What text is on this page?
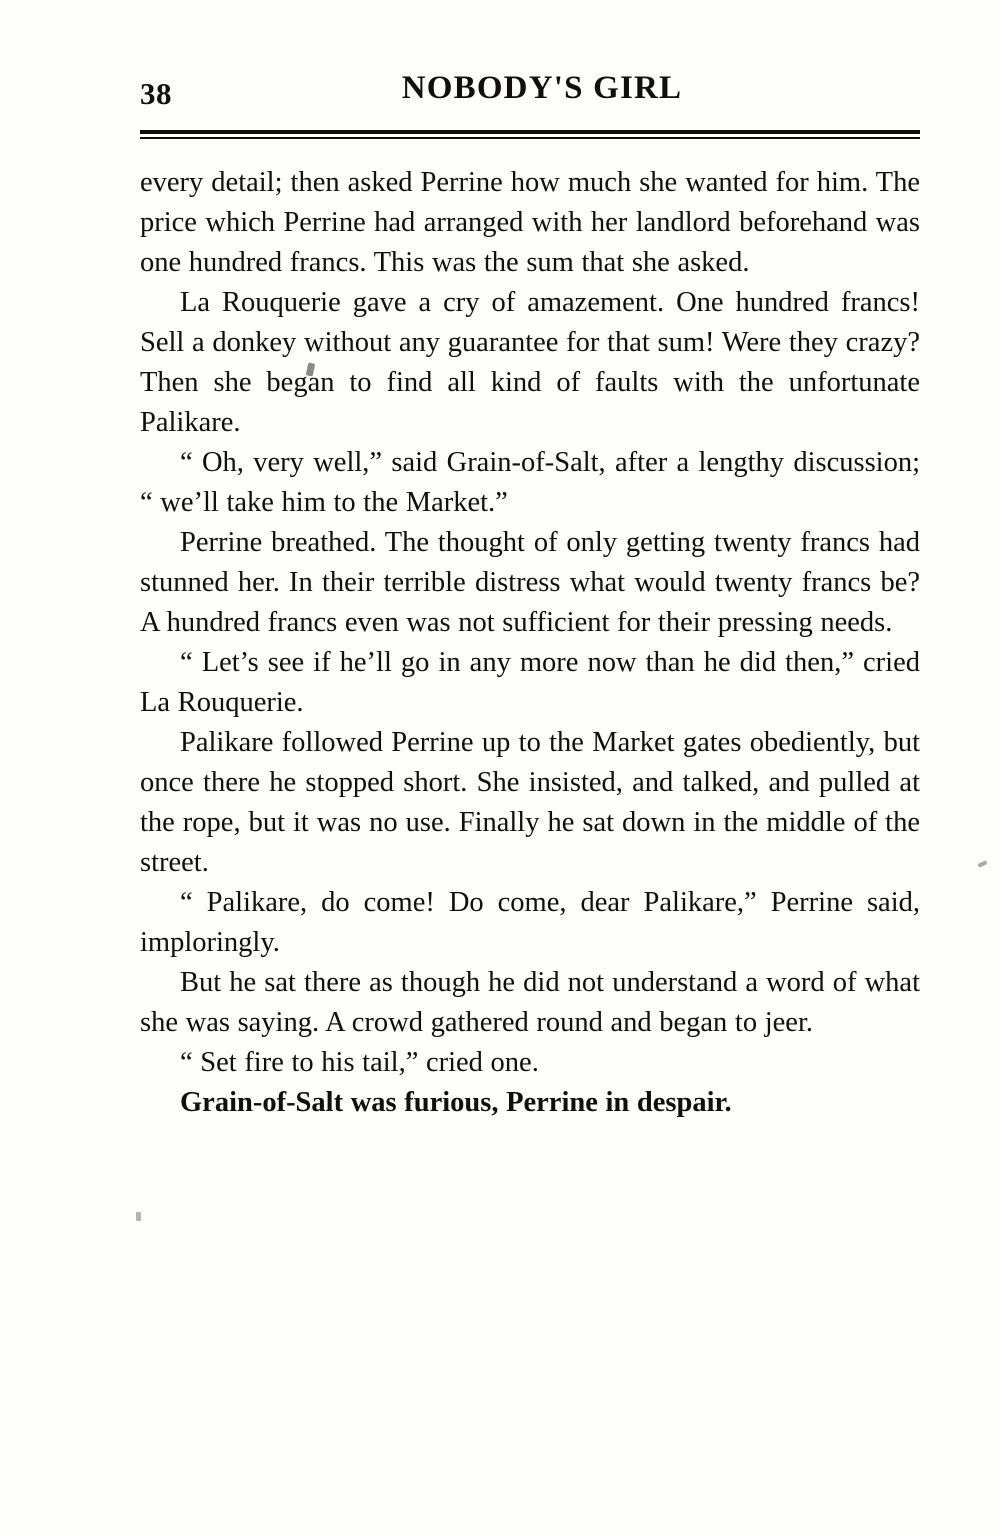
38	NOBODY'S GIRL

every detail; then asked Perrine how much she wanted for him. The price which Perrine had arranged with her landlord beforehand was one hundred francs. This was the sum that she asked.

La Rouquerie gave a cry of amazement. One hundred francs! Sell a donkey without any guarantee for that sum! Were they crazy? Then she began to find all kind of faults with the unfortunate Palikare.

“ Oh, very well,” said Grain-of-Salt, after a lengthy discussion; “ we’ll take him to the Market.”

Perrine breathed. The thought of only getting twenty francs had stunned her. In their terrible distress what would twenty francs be? A hundred francs even was not sufficient for their pressing needs.

“ Let’s see if he’ll go in any more now than he did then,” cried La Rouquerie.

Palikare followed Perrine up to the Market gates obediently, but once there he stopped short. She insisted, and talked, and pulled at the rope, but it was no use. Finally he sat down in the middle of the street.

“ Palikare, do come! Do come, dear Palikare,” Perrine said, imploringly.

But he sat there as though he did not understand a word of what she was saying. A crowd gathered round and began to jeer.

“ Set fire to his tail,” cried one.

Grain-of-Salt was furious, Perrine in despair.
